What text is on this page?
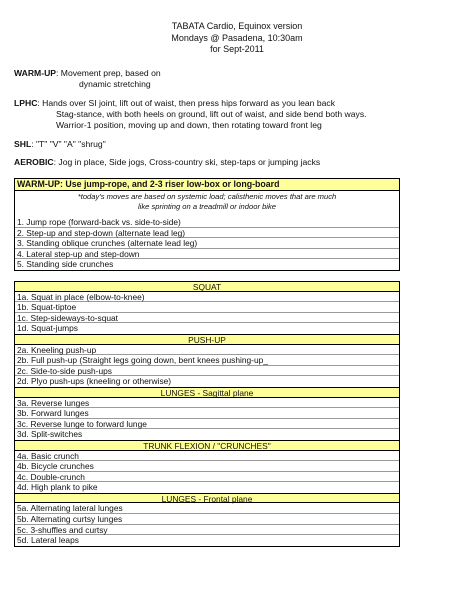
TABATA Cardio, Equinox version
Mondays @ Pasadena, 10:30am
for Sept-2011
WARM-UP: Movement prep, based on
dynamic stretching
LPHC: Hands over SI joint, lift out of waist, then press hips forward as you lean back
Stag-stance, with both heels on ground, lift out of waist, and side bend both ways.
Warrior-1 position, moving up and down, then rotating toward front leg
SHL: "T" "V" "A" "shrug"
AEROBIC: Jog in place, Side jogs, Cross-country ski, step-taps or jumping jacks
WARM-UP: Use jump-rope, and 2-3 riser low-box or long-board
*today's moves are based on systemic load; calisthenic moves that are much
like sprinting on a treadmill or indoor bike
1. Jump rope (forward-back vs. side-to-side)
2. Step-up and step-down (alternate lead leg)
3. Standing oblique crunches (alternate lead leg)
4. Lateral step-up and step-down
5. Standing side crunches
SQUAT
1a. Squat in place (elbow-to-knee)
1b. Squat-tiptoe
1c. Step-sideways-to-squat
1d. Squat-jumps
PUSH-UP
2a. Kneeling push-up
2b. Full push-up (Straight legs going down, bent knees pushing-up_
2c. Side-to-side push-ups
2d. Plyo push-ups (kneeling or otherwise)
LUNGES - Sagittal plane
3a. Reverse lunges
3b. Forward lunges
3c. Reverse lunge to forward lunge
3d. Split-switches
TRUNK FLEXION / "CRUNCHES"
4a. Basic crunch
4b. Bicycle crunches
4c. Double-crunch
4d. High plank to pike
LUNGES - Frontal plane
5a. Alternating lateral lunges
5b. Alternating curtsy lunges
5c. 3-shuffles and curtsy
5d. Lateral leaps
